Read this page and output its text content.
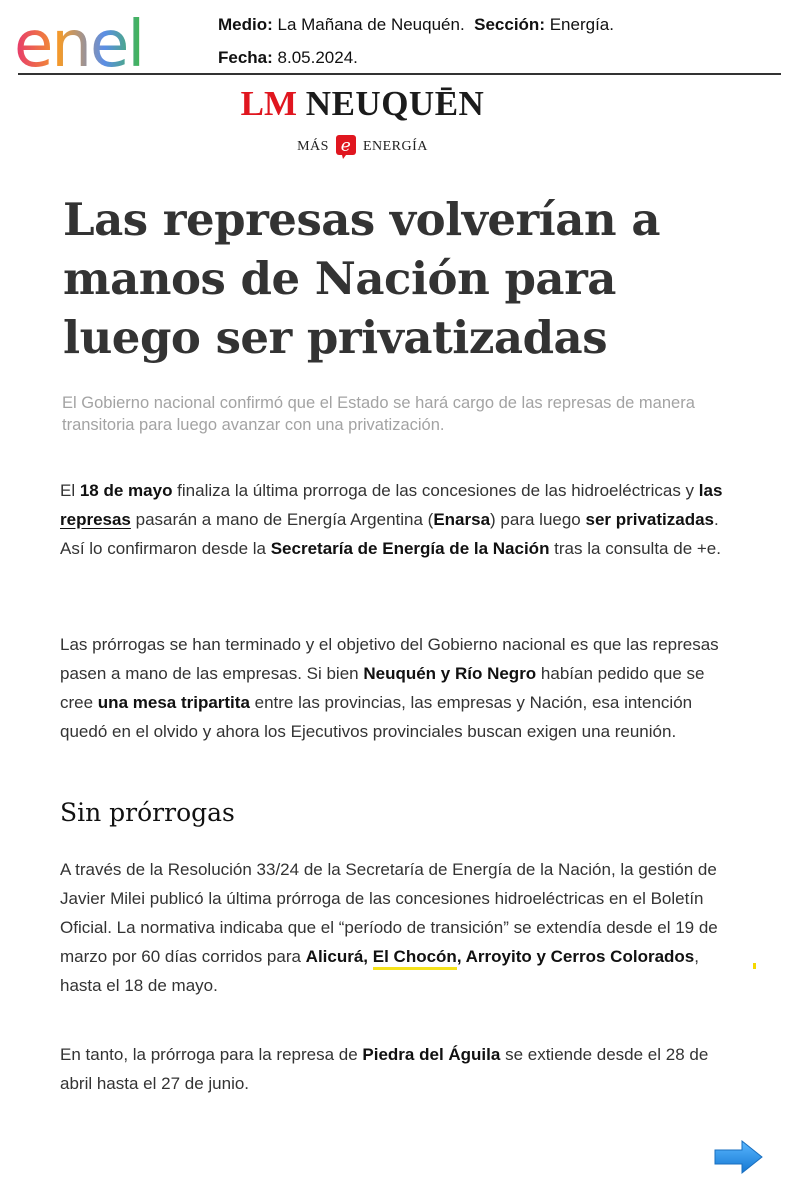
enel	Medio: La Mañana de Neuquén. Sección: Energía.
Fecha: 8.05.2024.
LM NEUQUĒN
MÁS e ENERGÍA
Las represas volverían a manos de Nación para luego ser privatizadas
El Gobierno nacional confirmó que el Estado se hará cargo de las represas de manera transitoria para luego avanzar con una privatización.
El 18 de mayo finaliza la última prorroga de las concesiones de las hidroeléctricas y las represas pasarán a mano de Energía Argentina (Enarsa) para luego ser privatizadas. Así lo confirmaron desde la Secretaría de Energía de la Nación tras la consulta de +e.
Las prórrogas se han terminado y el objetivo del Gobierno nacional es que las represas pasen a mano de las empresas. Si bien Neuquén y Río Negro habían pedido que se cree una mesa tripartita entre las provincias, las empresas y Nación, esa intención quedó en el olvido y ahora los Ejecutivos provinciales buscan exigen una reunión.
Sin prórrogas
A través de la Resolución 33/24 de la Secretaría de Energía de la Nación, la gestión de Javier Milei publicó la última prórroga de las concesiones hidroeléctricas en el Boletín Oficial. La normativa indicaba que el “período de transición” se extendía desde el 19 de marzo por 60 días corridos para Alicurá, El Chocón, Arroyito y Cerros Colorados, hasta el 18 de mayo.
En tanto, la prórroga para la represa de Piedra del Águila se extiende desde el 28 de abril hasta el 27 de junio.
